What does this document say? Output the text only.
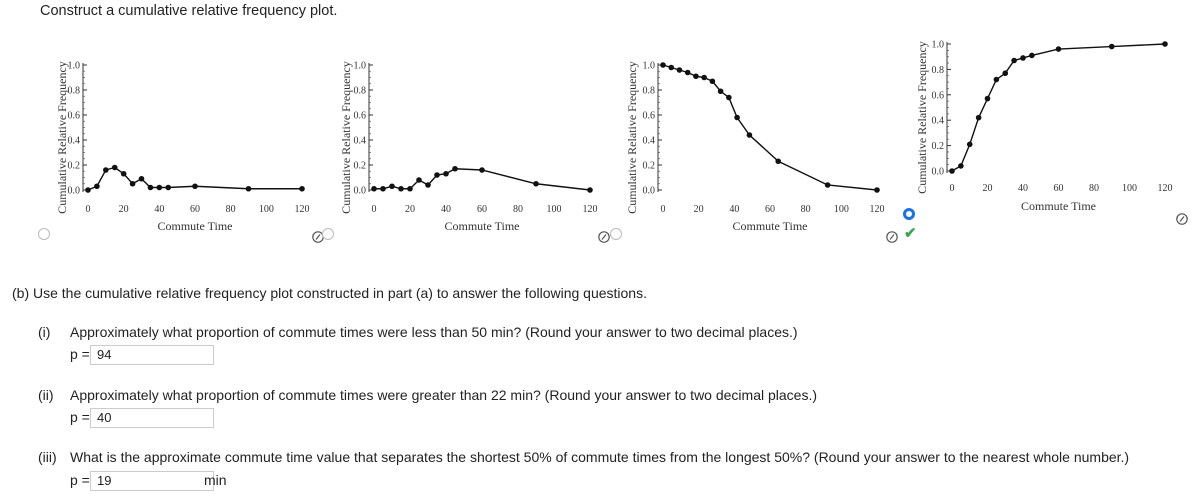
Construct a cumulative relative frequency plot.
0.0
0.2
0.4
0.6
0.8
1.0
0	20	40	60	80 100 120
Cumulative Relative Frequency
Commute Time
0.0
0.2
0.4
0.6
0.8
1.0
0	20	40	60	80 100 120
Cumulative Relative Frequency
Commute Time
0.0
0.2
0.4
0.6
0.8
1.0
0	20	40	60	80 100 120
Cumulative Relative Frequency
Commute Time
0.0
0.2
0.4
0.6
0.8
1.0
0	20	40	60	80 100 120
Cumulative Relative Frequency
Commute Time
(b) Use the cumulative relative frequency plot constructed in part (a) to answer the following questions.
(i) Approximately what proportion of commute times were less than 50 min? (Round your answer to two decimal places.)
p = 94
(ii) Approximately what proportion of commute times were greater than 22 min? (Round your answer to two decimal places.)
p = 40
(iii) What is the approximate commute time value that separates the shortest 50% of commute times from the longest 50%? (Round your answer to the nearest whole number.)
p = 19	min
✔
